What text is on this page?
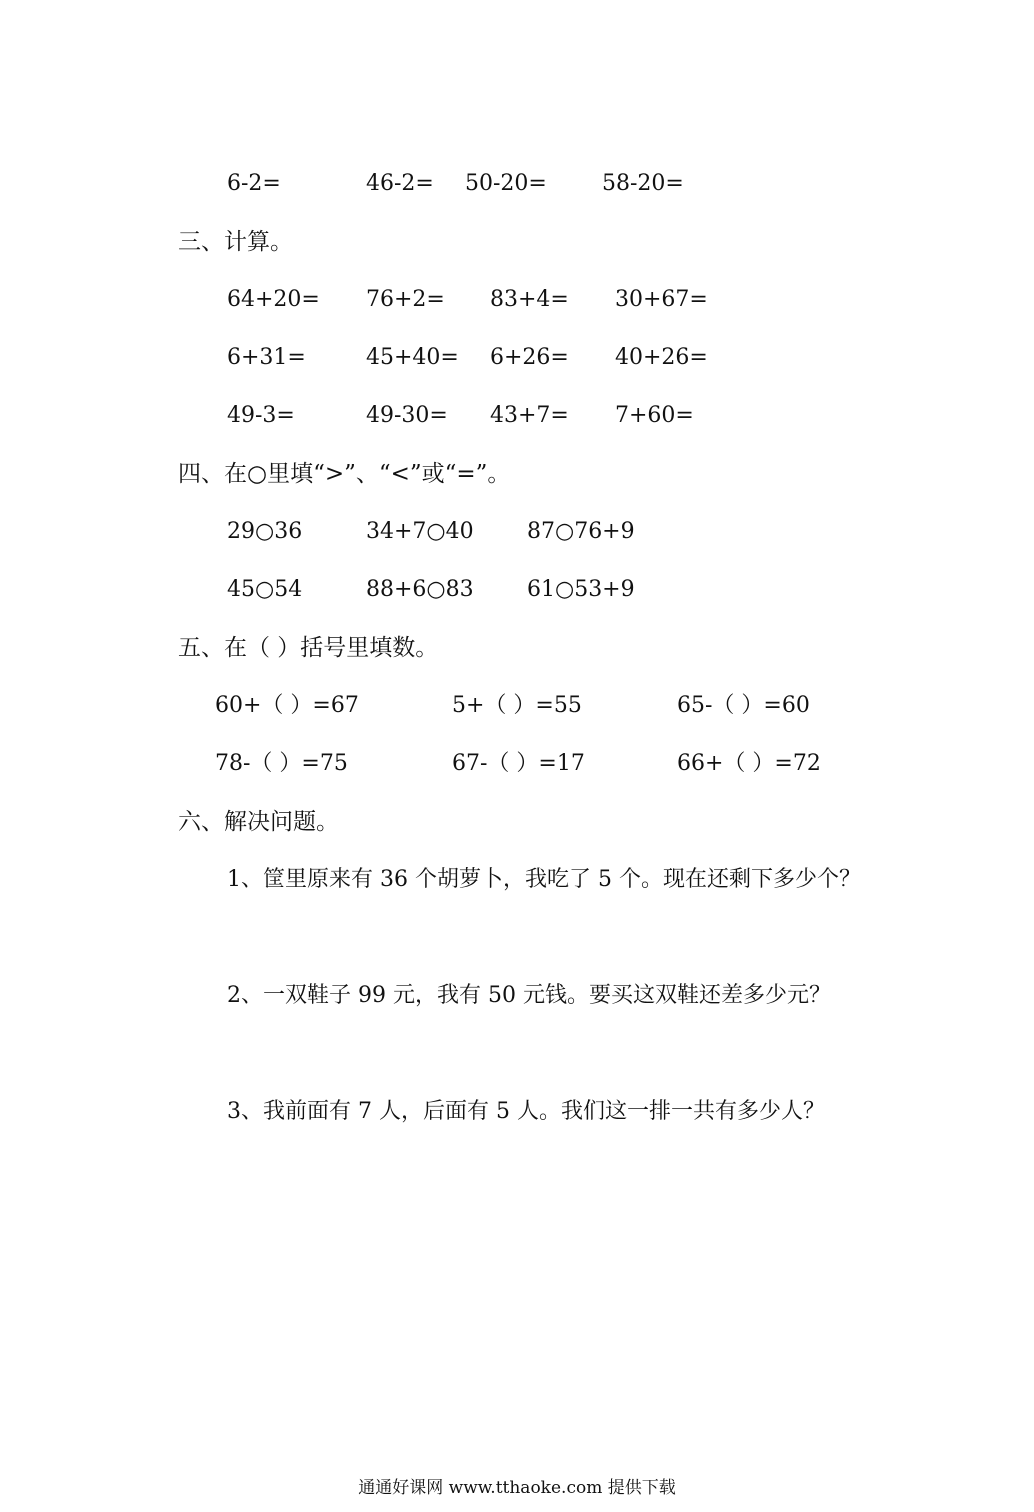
6-2=	46-2= 50-20=	58-20=
三、计算。
64+20= 76+2= 83+4= 30+67=
6+31=	45+40= 6+26= 40+26=
49-3=	49-30= 43+7= 7+60=
四、在○里填“>”、“<”或“=”。
29○36	34+7○40 87○76+9
45○54	88+6○83 61○53+9
五、在（ ）括号里填数。
60+（ ）=67	5+（ ）=55	65-（ ）=60
78-（ ）=75	67-（ ）=17	66+（ ）=72
六、解决问题。
1、筐里原来有 36 个胡萝卜，我吃了 5 个。现在还剩下多少个？
2、一双鞋子 99 元，我有 50 元钱。要买这双鞋还差多少元？
3、我前面有 7 人，后面有 5 人。我们这一排一共有多少人？
通通好课网 www.tthaoke.com 提供下载
